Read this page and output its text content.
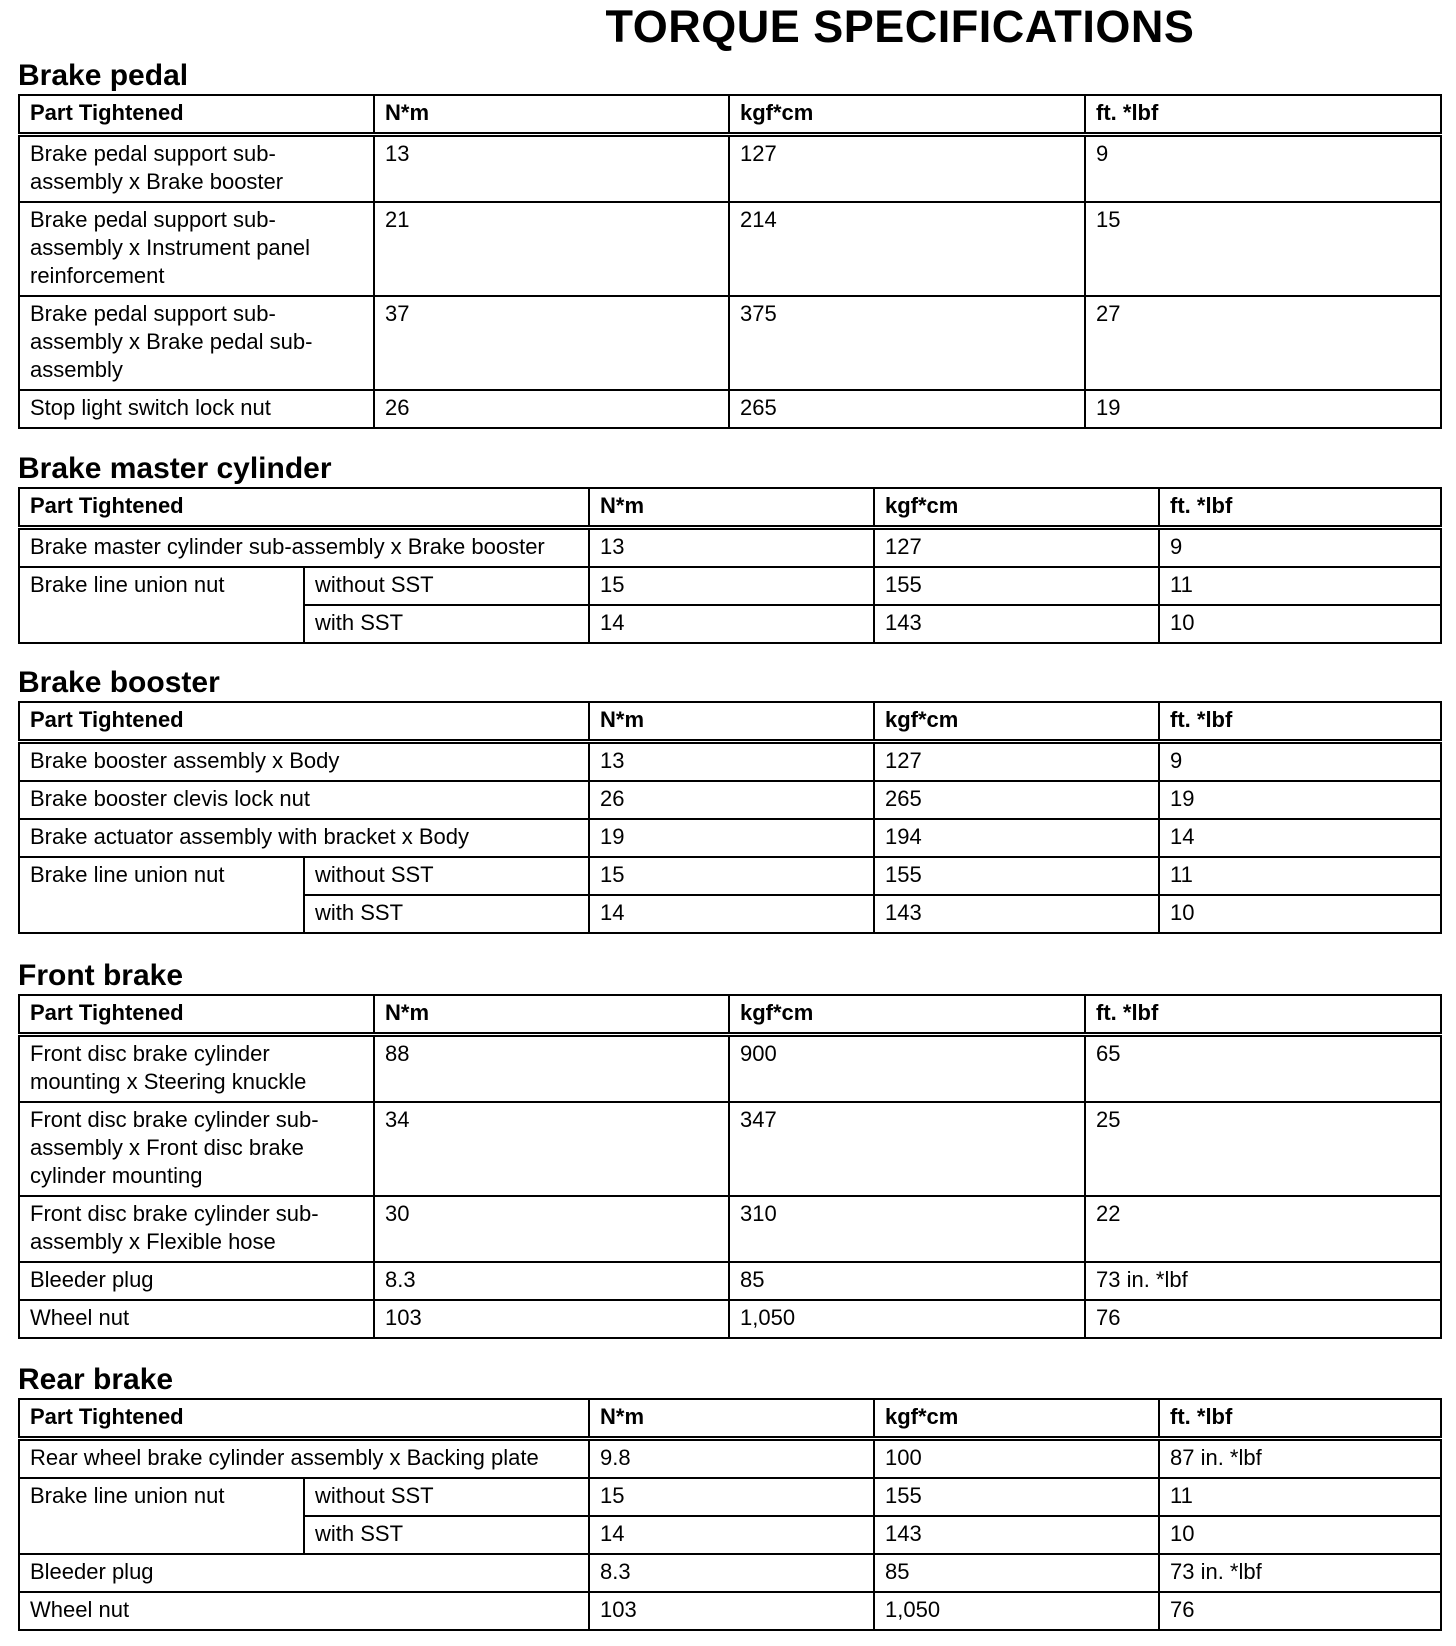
TORQUE SPECIFICATIONS
Brake pedal
Part Tightened	N*m	kgf*cm	ft. *lbf
Brake pedal support sub-assembly x Brake booster	13	127	9
Brake pedal support sub-assembly x Instrument panel reinforcement	21	214	15
Brake pedal support sub-assembly x Brake pedal sub-assembly	37	375	27
Stop light switch lock nut	26	265	19
Brake master cylinder
Part Tightened		N*m	kgf*cm	ft. *lbf
Brake master cylinder sub-assembly x Brake booster		13	127	9
Brake line union nut	without SST	15	155	11
	with SST	14	143	10
Brake booster
Part Tightened		N*m	kgf*cm	ft. *lbf
Brake booster assembly x Body		13	127	9
Brake booster clevis lock nut		26	265	19
Brake actuator assembly with bracket x Body		19	194	14
Brake line union nut	without SST	15	155	11
	with SST	14	143	10
Front brake
Part Tightened	N*m	kgf*cm	ft. *lbf
Front disc brake cylinder mounting x Steering knuckle	88	900	65
Front disc brake cylinder sub-assembly x Front disc brake cylinder mounting	34	347	25
Front disc brake cylinder sub-assembly x Flexible hose	30	310	22
Bleeder plug	8.3	85	73 in. *lbf
Wheel nut	103	1,050	76
Rear brake
Part Tightened		N*m	kgf*cm	ft. *lbf
Rear wheel brake cylinder assembly x Backing plate		9.8	100	87 in. *lbf
Brake line union nut	without SST	15	155	11
	with SST	14	143	10
Bleeder plug		8.3	85	73 in. *lbf
Wheel nut		103	1,050	76
